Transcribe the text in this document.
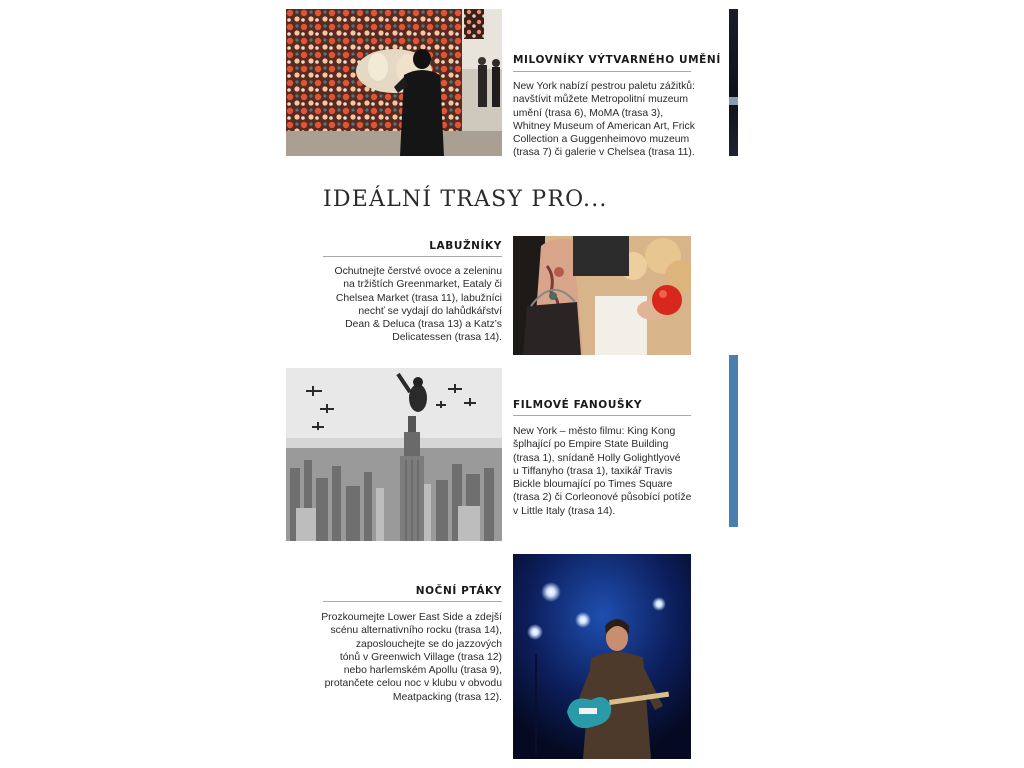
MILOVNÍKY VÝTVARNÉHO UMĚNÍ
New York nabízí pestrou paletu zážitků:
navštívit můžete Metropolitní muzeum
umění (trasa 6), MoMA (trasa 3),
Whitney Museum of American Art, Frick
Collection a Guggenheimovo muzeum
(trasa 7) či galerie v Chelsea (trasa 11).
IDEÁLNÍ TRASY PRO...
LABUŽNÍKY
Ochutnejte čerstvé ovoce a zeleninu
na tržištích Greenmarket, Eataly či
Chelsea Market (trasa 11), labužníci
nechť se vydají do lahůdkářství
Dean & Deluca (trasa 13) a Katz’s
Delicatessen (trasa 14).
FILMOVÉ FANOUŠKY
New York – město filmu: King Kong
šplhající po Empire State Building
(trasa 1), snídaně Holly Golightlyové
u Tiffanyho (trasa 1), taxikář Travis
Bickle bloumající po Times Square
(trasa 2) či Corleonové působící potíže
v Little Italy (trasa 14).
NOČNÍ PTÁKY
Prozkoumejte Lower East Side a zdejší
scénu alternativního rocku (trasa 14),
zaposlouchejte se do jazzových
tónů v Greenwich Village (trasa 12)
nebo harlemském Apollu (trasa 9),
protančete celou noc v klubu v obvodu
Meatpacking (trasa 12).
